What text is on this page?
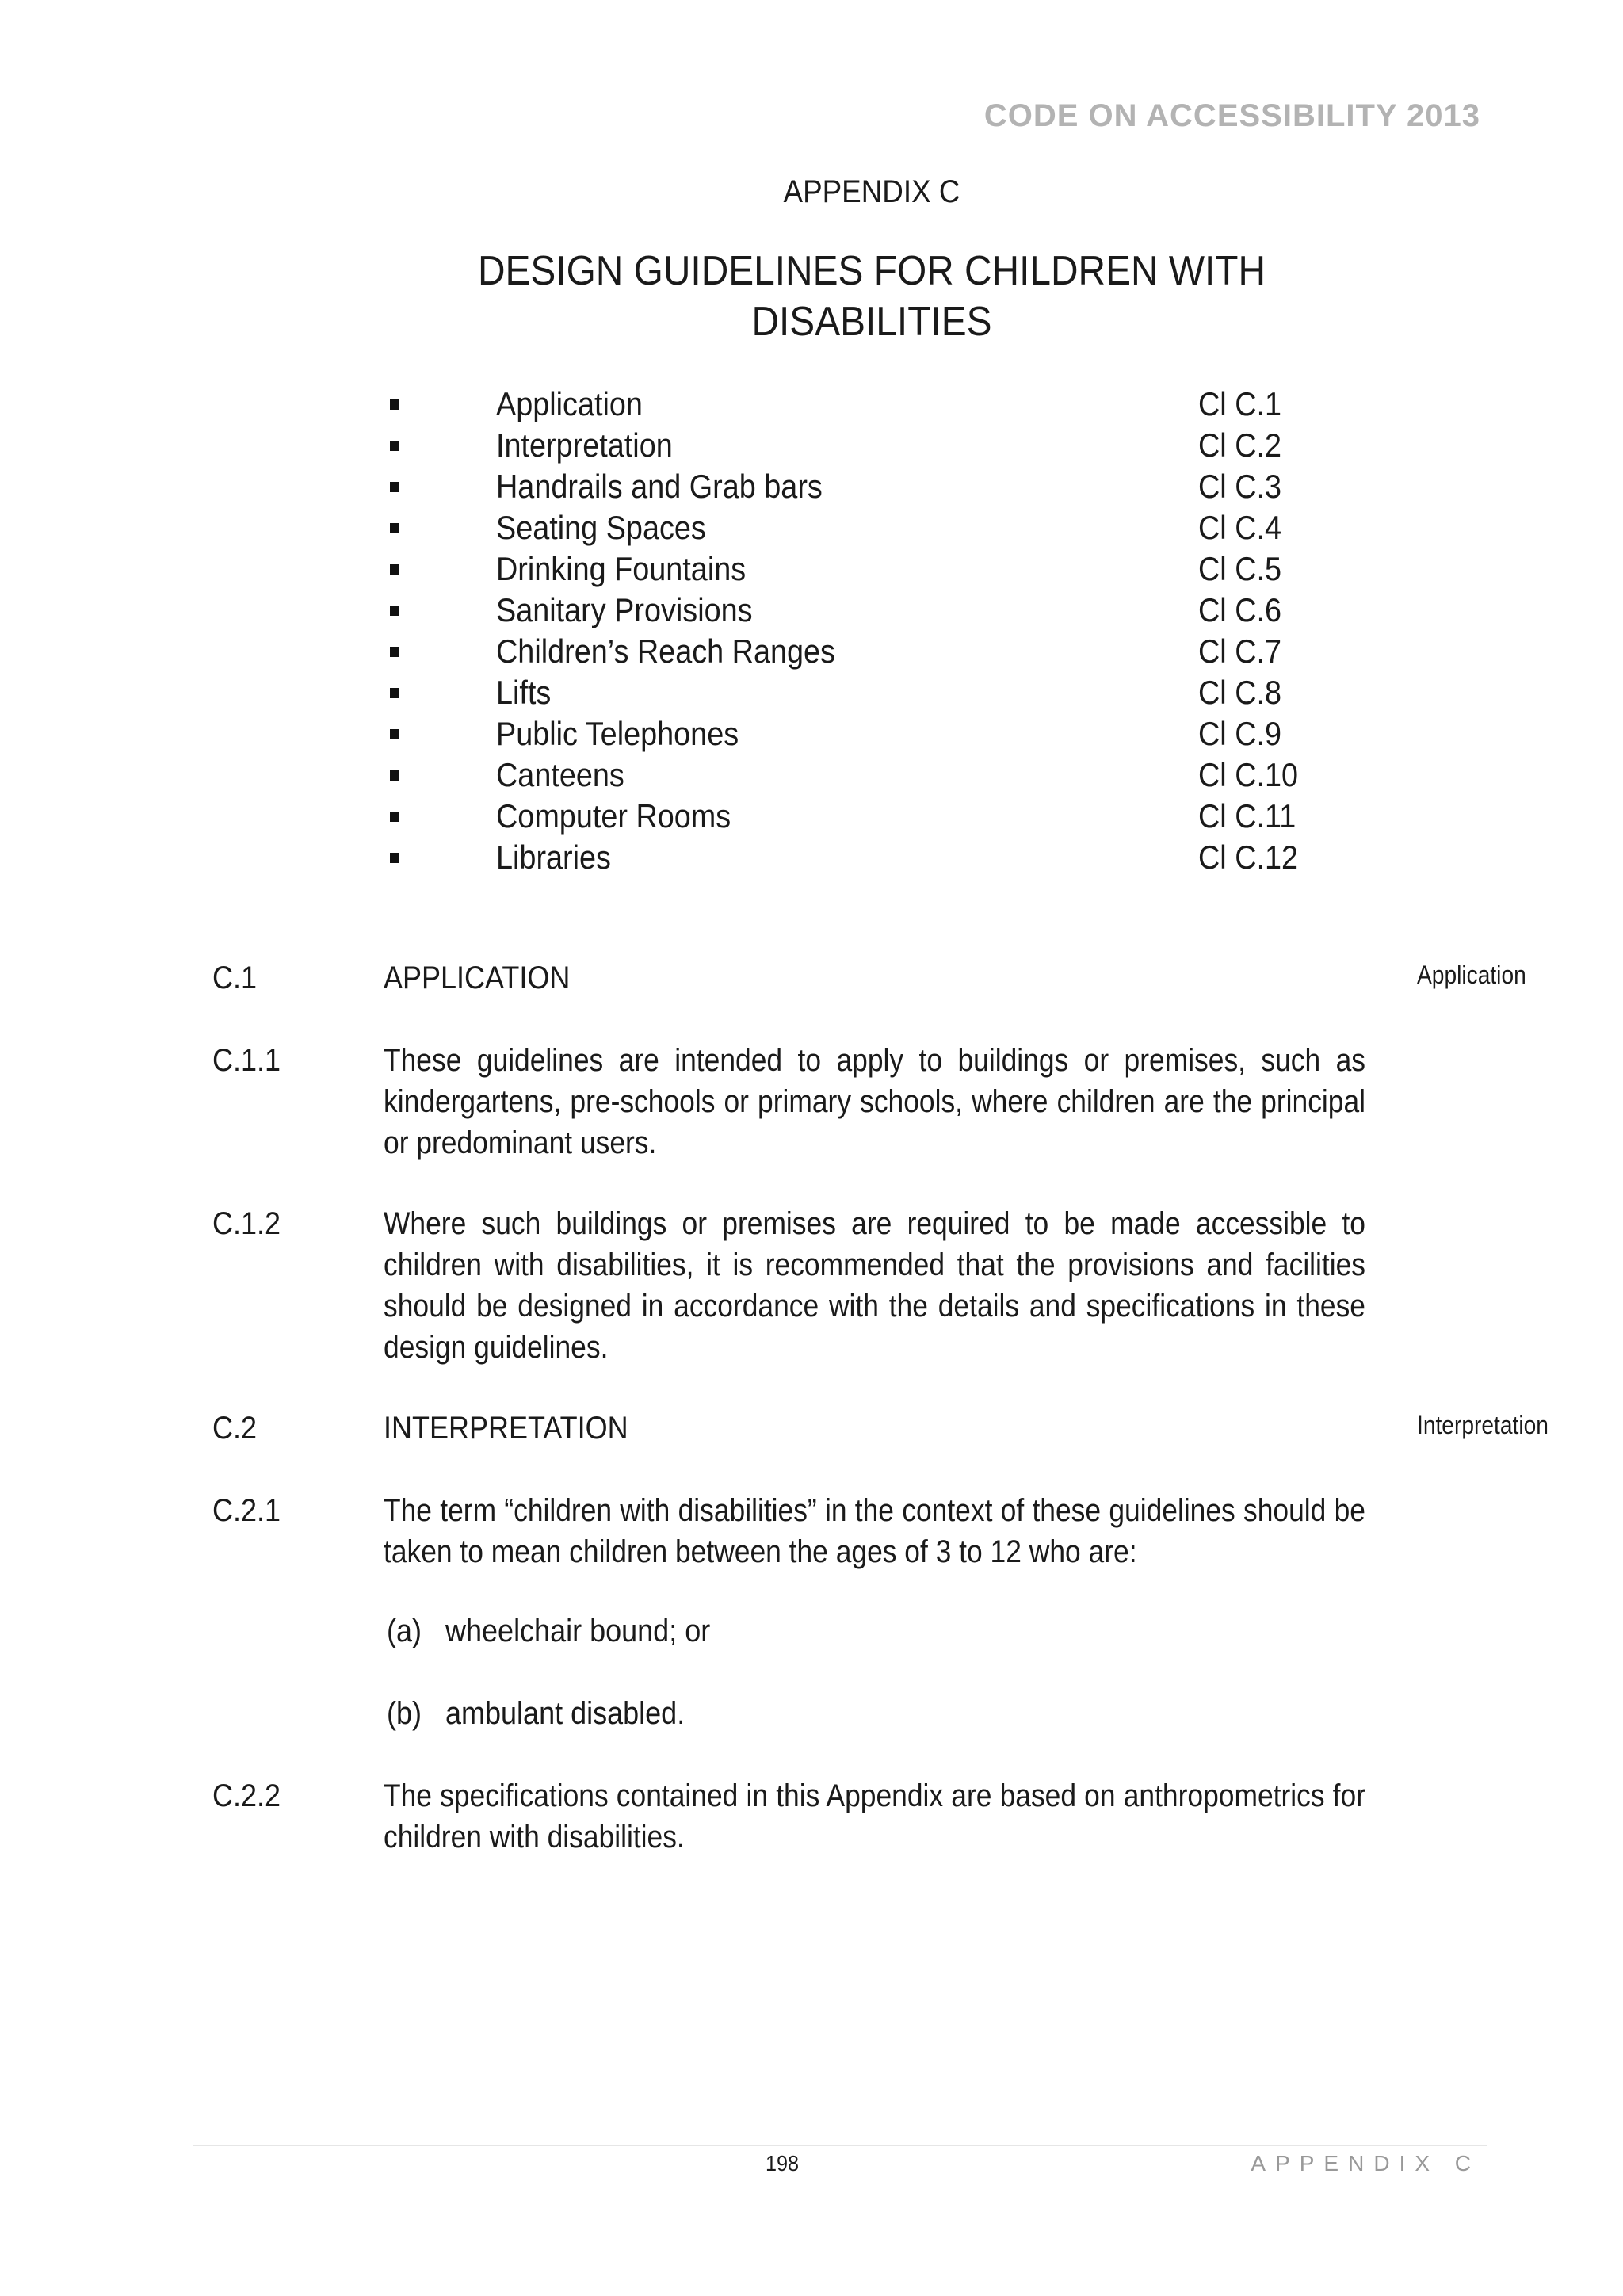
CODE ON ACCESSIBILITY 2013
APPENDIX C
DESIGN GUIDELINES FOR CHILDREN WITH
DISABILITIES
Application	Cl C.1
Interpretation	Cl C.2
Handrails and Grab bars	Cl C.3
Seating Spaces	Cl C.4
Drinking Fountains	Cl C.5
Sanitary Provisions	Cl C.6
Children’s Reach Ranges	Cl C.7
Lifts	Cl C.8
Public Telephones	Cl C.9
Canteens	Cl C.10
Computer Rooms	Cl C.11
Libraries	Cl C.12
C.1	APPLICATION	Application
C.1.1	These guidelines are intended to apply to buildings or premises, such as kindergartens, pre-schools or primary schools, where children are the principal or predominant users.
C.1.2	Where such buildings or premises are required to be made accessible to children with disabilities, it is recommended that the provisions and facilities should be designed in accordance with the details and specifications in these design guidelines.
C.2	INTERPRETATION	Interpretation
C.2.1	The term “children with disabilities” in the context of these guidelines should be taken to mean children between the ages of 3 to 12 who are:
(a) wheelchair bound; or
(b) ambulant disabled.
C.2.2	The specifications contained in this Appendix are based on anthropometrics for children with disabilities.
198	APPENDIX C
